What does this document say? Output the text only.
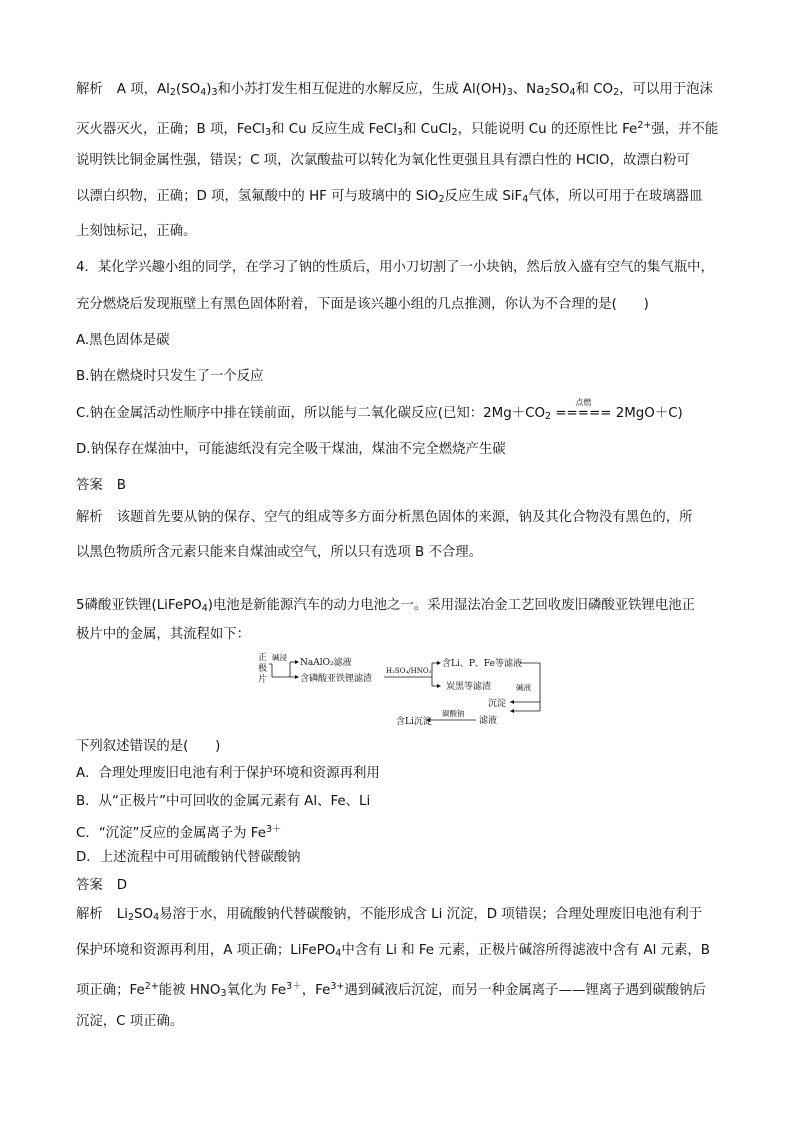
解析 A 项，$Al_2(SO_4)_3$和小苏打发生相互促进的水解反应，生成 $Al(OH)_3$、$Na_2SO_4$和 $CO_2$，可以用于泡沫
灭火器灭火，正确；B 项，FeCl$_3$和 Cu 反应生成 FeCl$_3$和 CuCl$_2$，只能说明 Cu 的还原性比 $Fe^{2+}$强，并不能
说明铁比铜金属性强，错误；C 项，次氯酸盐可以转化为氧化性更强且具有漂白性的 HClO，故漂白粉可
以漂白织物，正确；D 项，氢氟酸中的 HF 可与玻璃中的 SiO$_2$反应生成 SiF$_4$气体，所以可用于在玻璃器皿
上刻蚀标记，正确。
4．某化学兴趣小组的同学，在学习了钠的性质后，用小刀切割了一小块钠，然后放入盛有空气的集气瓶中，
充分燃烧后发现瓶壁上有黑色固体附着，下面是该兴趣小组的几点推测，你认为不合理的是(　　)
A.黑色固体是碳
B.钠在燃烧时只发生了一个反应
C.钠在金属活动性顺序中排在镁前面，所以能与二氧化碳反应(已知：$2Mg+CO_2$
点燃
===== 2MgO＋C)
D.钠保存在煤油中，可能滤纸没有完全吸干煤油，煤油不完全燃烧产生碳
答案 B
解析 该题首先要从钠的保存、空气的组成等多方面分析黑色固体的来源，钠及其化合物没有黑色的，所
以黑色物质所含元素只能来自煤油或空气，所以只有选项 B 不合理。
5磷酸亚铁锂(LiFePO$_4$)电池是新能源汽车的动力电池之一。采用湿法冶金工艺回收废旧磷酸亚铁锂电池正
极片中的金属，其流程如下：
正
极
片
碱浸
NaAlO₂滤液
含磷酸亚铁锂滤渣
H₂SO₄/HNO₃
含Li、P、Fe等滤液
炭黑等滤渣	碱液
沉淀
滤液
碳酸钠
含Li沉淀
下列叙述错误的是(　　)
A．合理处理废旧电池有利于保护环境和资源再利用
B．从“正极片”中可回收的金属元素有 Al、Fe、Li
C．“沉淀”反应的金属离子为 $Fe^{3+}$
D．上述流程中可用硫酸钠代替碳酸钠
答案 D
解析 $Li_2SO_4$易溶于水，用硫酸钠代替碳酸钠，不能形成含 Li 沉淀，D 项错误；合理处理废旧电池有利于
保护环境和资源再利用，A 项正确；LiFePO$_4$中含有 Li 和 Fe 元素，正极片碱溶所得滤液中含有 Al 元素，B
项正确；$Fe^{2+}$能被 $HNO_3$氧化为 $Fe^{3+}$，$Fe^{3+}$遇到碱液后沉淀，而另一种金属离子——锂离子遇到碳酸钠后
沉淀，C 项正确。
